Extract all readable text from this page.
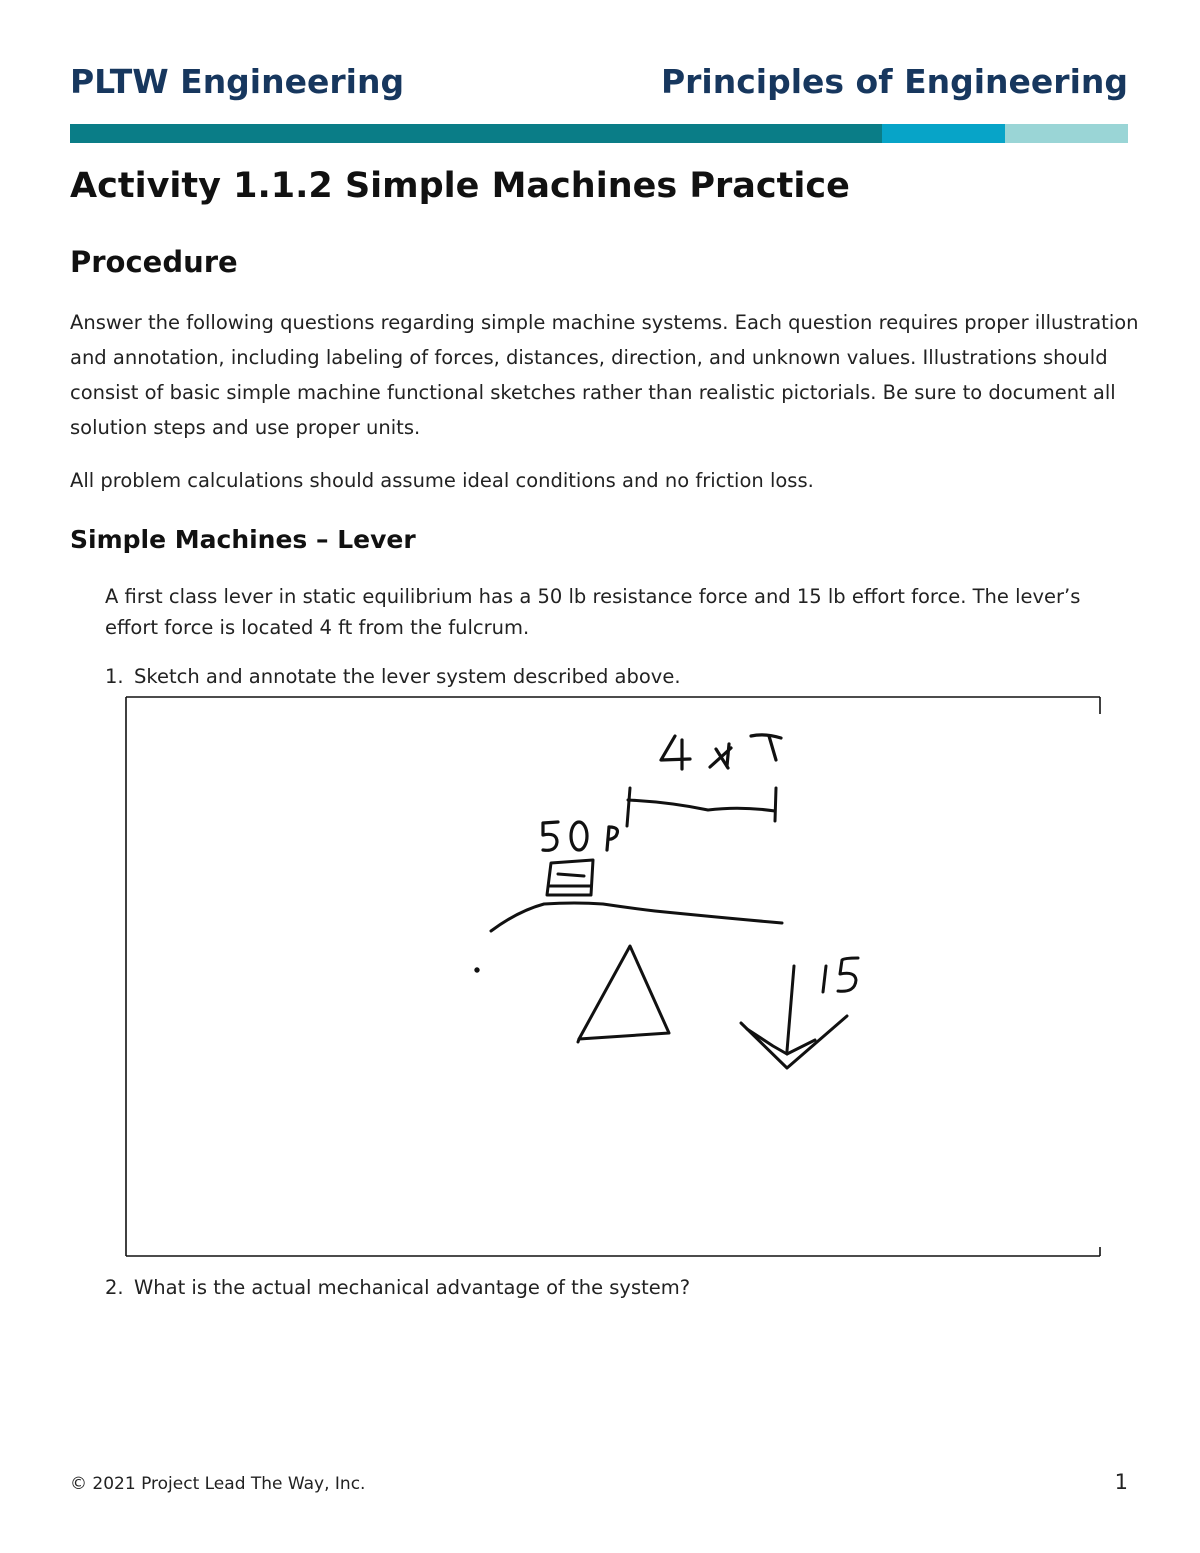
PLTW Engineering	Principles of Engineering
Activity 1.1.2 Simple Machines Practice
Procedure
Answer the following questions regarding simple machine systems. Each question requires proper illustration and annotation, including labeling of forces, distances, direction, and unknown values. Illustrations should consist of basic simple machine functional sketches rather than realistic pictorials. Be sure to document all solution steps and use proper units.
All problem calculations should assume ideal conditions and no friction loss.
Simple Machines – Lever
A first class lever in static equilibrium has a 50 lb resistance force and 15 lb effort force. The lever’s effort force is located 4 ft from the fulcrum.
1. Sketch and annotate the lever system described above.
2. What is the actual mechanical advantage of the system?
© 2021 Project Lead The Way, Inc.	1
